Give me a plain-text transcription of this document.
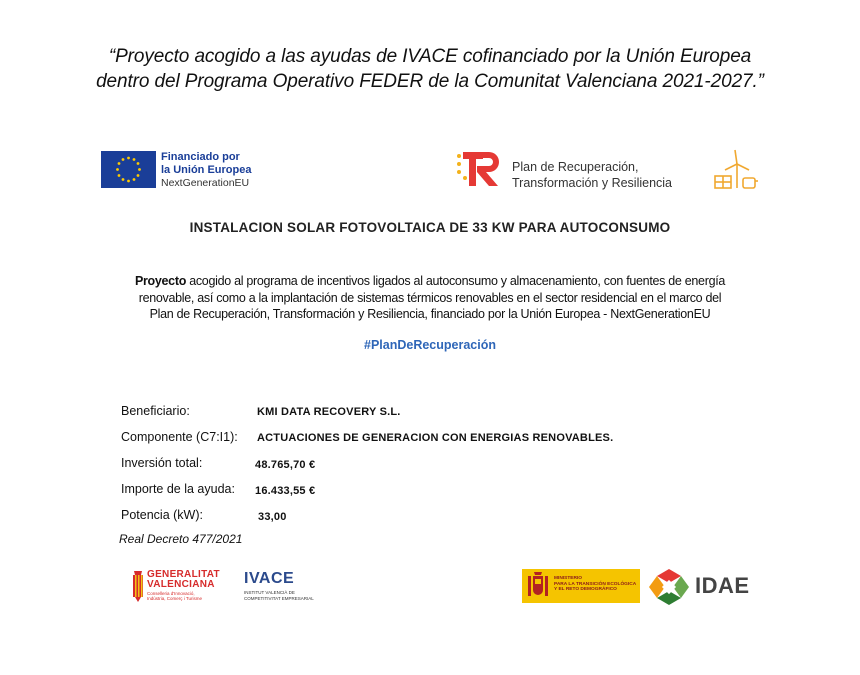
“Proyecto acogido a las ayudas de IVACE cofinanciado por la Unión Europea
dentro del Programa Operativo FEDER de la Comunitat Valenciana 2021-2027.”
Financiado por
la Unión Europea
NextGenerationEU
Plan de Recuperación,
Transformación y Resiliencia
INSTALACION SOLAR FOTOVOLTAICA DE 33 KW PARA AUTOCONSUMO
Proyecto acogido al programa de incentivos ligados al autoconsumo y almacenamiento, con fuentes de energía
renovable, así como a la implantación de sistemas térmicos renovables en el sector residencial en el marco del
Plan de Recuperación, Transformación y Resiliencia, financiado por la Unión Europea - NextGenerationEU
#PlanDeRecuperación
Beneficiario:	KMI DATA RECOVERY S.L.
Componente (C7:I1): ACTUACIONES DE GENERACION CON ENERGIAS RENOVABLES.
Inversión total:	48.765,70 €
Importe de la ayuda: 16.433,55 €
Potencia (kW):	33,00
Real Decreto 477/2021
GENERALITAT
VALENCIANA
Conselleria d'Innovació,
Indústria, Comerç i Turisme
IVACE
INSTITUT VALENCIÀ DE
COMPETITIVITAT EMPRESARIAL
MINISTERIO
PARA LA TRANSICIÓN ECOLÓGICA
Y EL RETO DEMOGRÁFICO	IDAE
